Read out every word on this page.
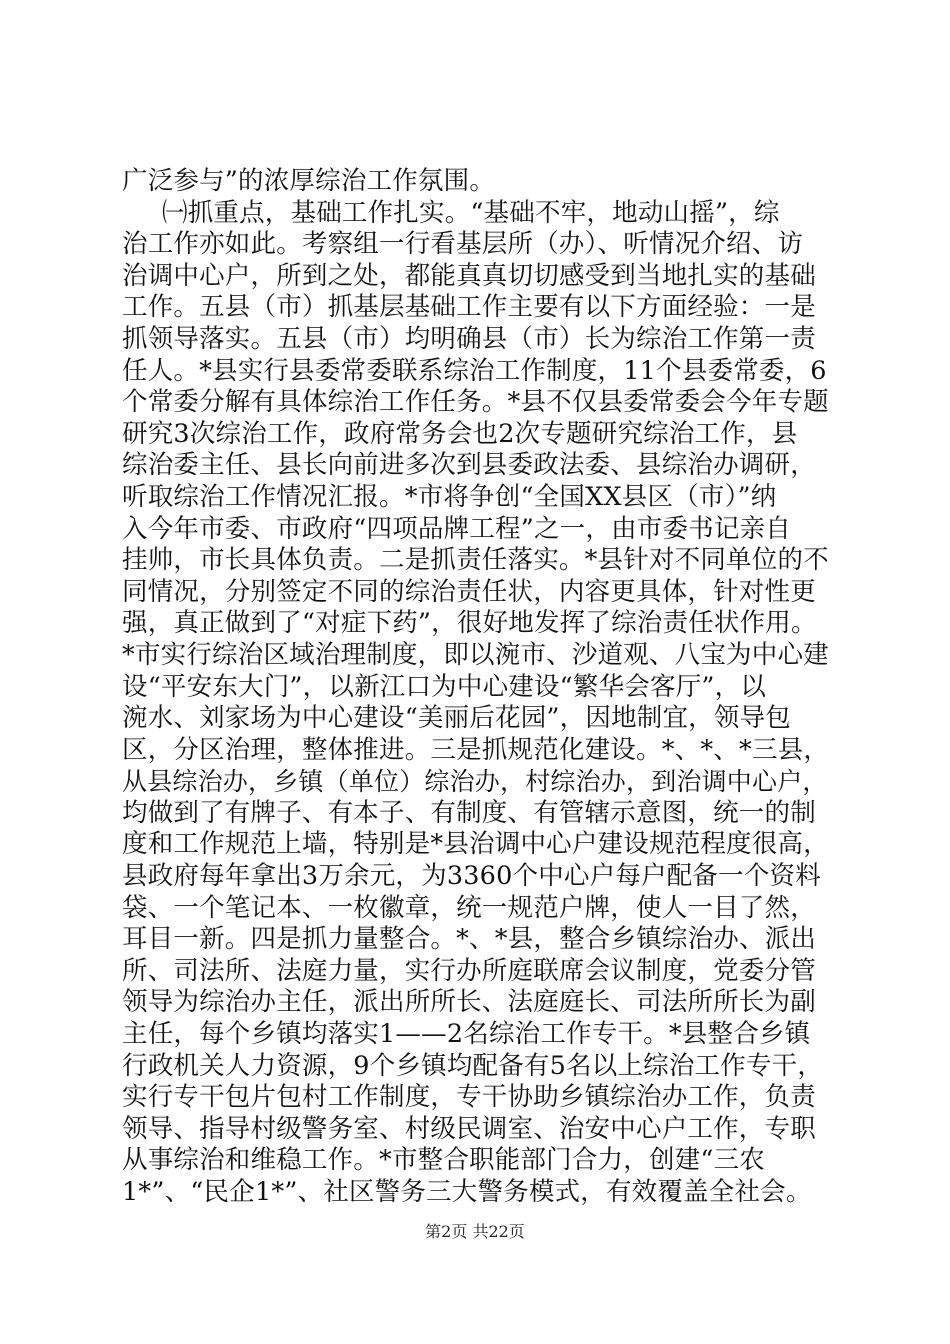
广泛参与”的浓厚综治工作氛围。
㈠抓重点，基础工作扎实。“基础不牢，地动山摇”，综
治工作亦如此。考察组一行看基层所（办）、听情况介绍、访
治调中心户，所到之处，都能真真切切感受到当地扎实的基础
工作。五县（市）抓基层基础工作主要有以下方面经验：一是
抓领导落实。五县（市）均明确县（市）长为综治工作第一责
任人。*县实行县委常委联系综治工作制度，11个县委常委，6
个常委分解有具体综治工作任务。*县不仅县委常委会今年专题
研究3次综治工作，政府常务会也2次专题研究综治工作，县
综治委主任、县长向前进多次到县委政法委、县综治办调研，
听取综治工作情况汇报。*市将争创“全国XX县区（市）”纳
入今年市委、市政府“四项品牌工程”之一，由市委书记亲自
挂帅，市长具体负责。二是抓责任落实。*县针对不同单位的不
同情况，分别签定不同的综治责任状，内容更具体，针对性更
强，真正做到了“对症下药”，很好地发挥了综治责任状作用。
*市实行综治区域治理制度，即以涴市、沙道观、八宝为中心建
设“平安东大门”，以新江口为中心建设“繁华会客厅”，以
涴水、刘家场为中心建设“美丽后花园”，因地制宜，领导包
区，分区治理，整体推进。三是抓规范化建设。*、*、*三县，
从县综治办，乡镇（单位）综治办，村综治办，到治调中心户，
均做到了有牌子、有本子、有制度、有管辖示意图，统一的制
度和工作规范上墙，特别是*县治调中心户建设规范程度很高，
县政府每年拿出3万余元，为3360个中心户每户配备一个资料
袋、一个笔记本、一枚徽章，统一规范户牌，使人一目了然，
耳目一新。四是抓力量整合。*、*县，整合乡镇综治办、派出
所、司法所、法庭力量，实行办所庭联席会议制度，党委分管
领导为综治办主任，派出所所长、法庭庭长、司法所所长为副
主任，每个乡镇均落实1——2名综治工作专干。*县整合乡镇
行政机关人力资源，9个乡镇均配备有5名以上综治工作专干，
实行专干包片包村工作制度，专干协助乡镇综治办工作，负责
领导、指导村级警务室、村级民调室、治安中心户工作，专职
从事综治和维稳工作。*市整合职能部门合力，创建“三农
1*”、“民企1*”、社区警务三大警务模式，有效覆盖全社会。
第2页 共22页
